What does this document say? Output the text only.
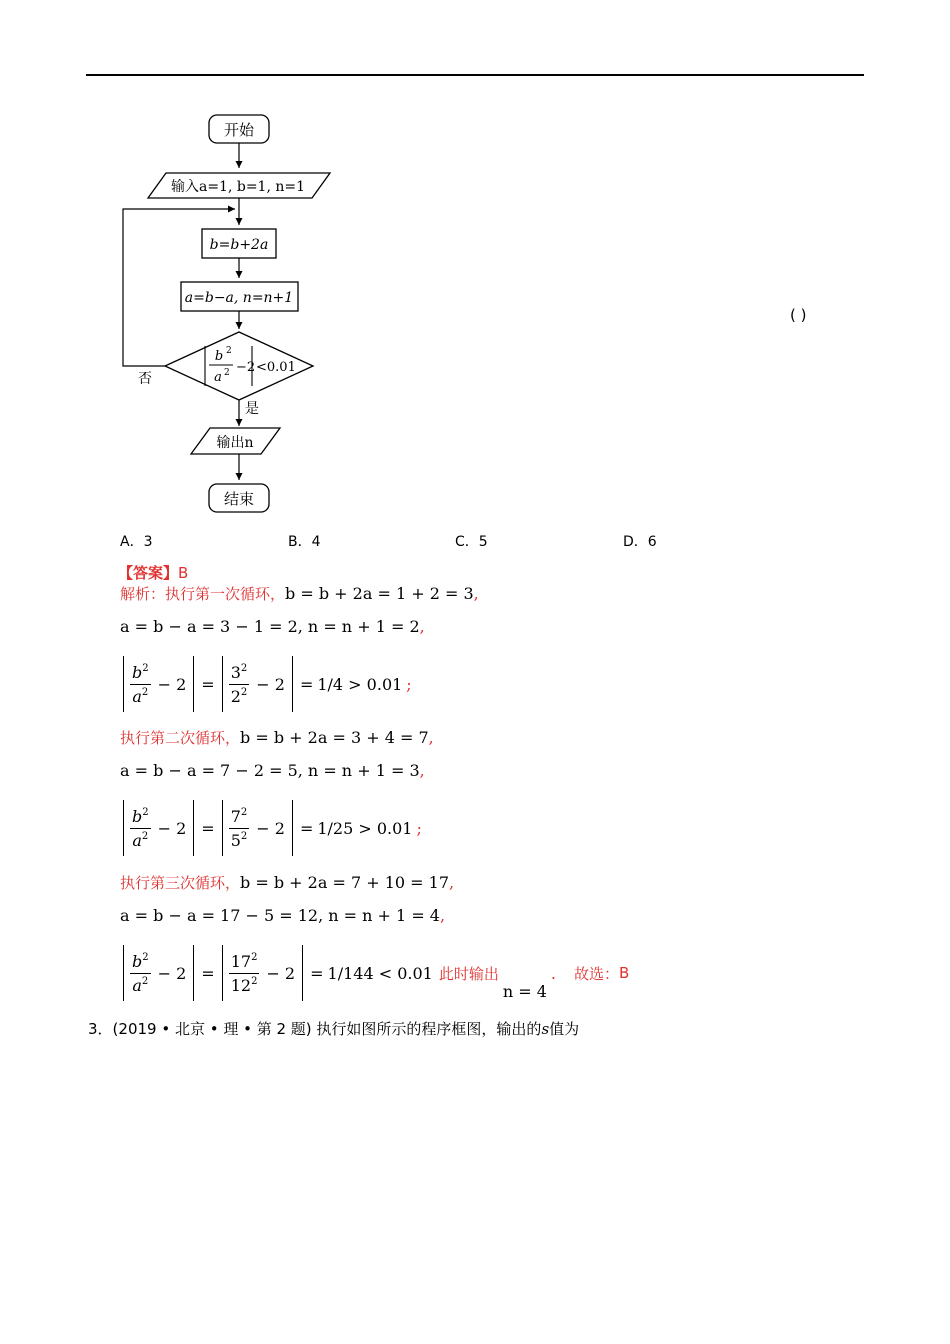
开始
输入a=1, b=1, n=1
b=b+2a
a=b−a, n=n+1
b 2
a 2 −2 <0.01
否
是
输出n
结束
( )
A．3	B．4	C．5	D．6
【答案】B
解析：执行第一次循环，b = b + 2a = 1 + 2 = 3,
a = b − a = 3 − 1 = 2, n = n + 1 = 2,
$\frac{b^2}{a^2} - 2 = \frac{3^2}{2^2} - 2 = 1/4 > 0.01$ ;
执行第二次循环，b = b + 2a = 3 + 4 = 7,
a = b − a = 7 − 2 = 5, n = n + 1 = 3,
$\frac{b^2}{a^2} - 2 = \frac{7^2}{5^2} - 2 = 1/25 > 0.01$ ;
执行第三次循环，b = b + 2a = 7 + 10 = 17,
a = b − a = 17 − 5 = 12, n = n + 1 = 4,
$\frac{b^2}{a^2} - 2 = \frac{17^2}{12^2} - 2 = 1/144 < 0.01$ 此时输出
n = 4
. 故选： B
3．(2019 • 北京 • 理 • 第 2 题) 执行如图所示的程序框图，输出的s值为
